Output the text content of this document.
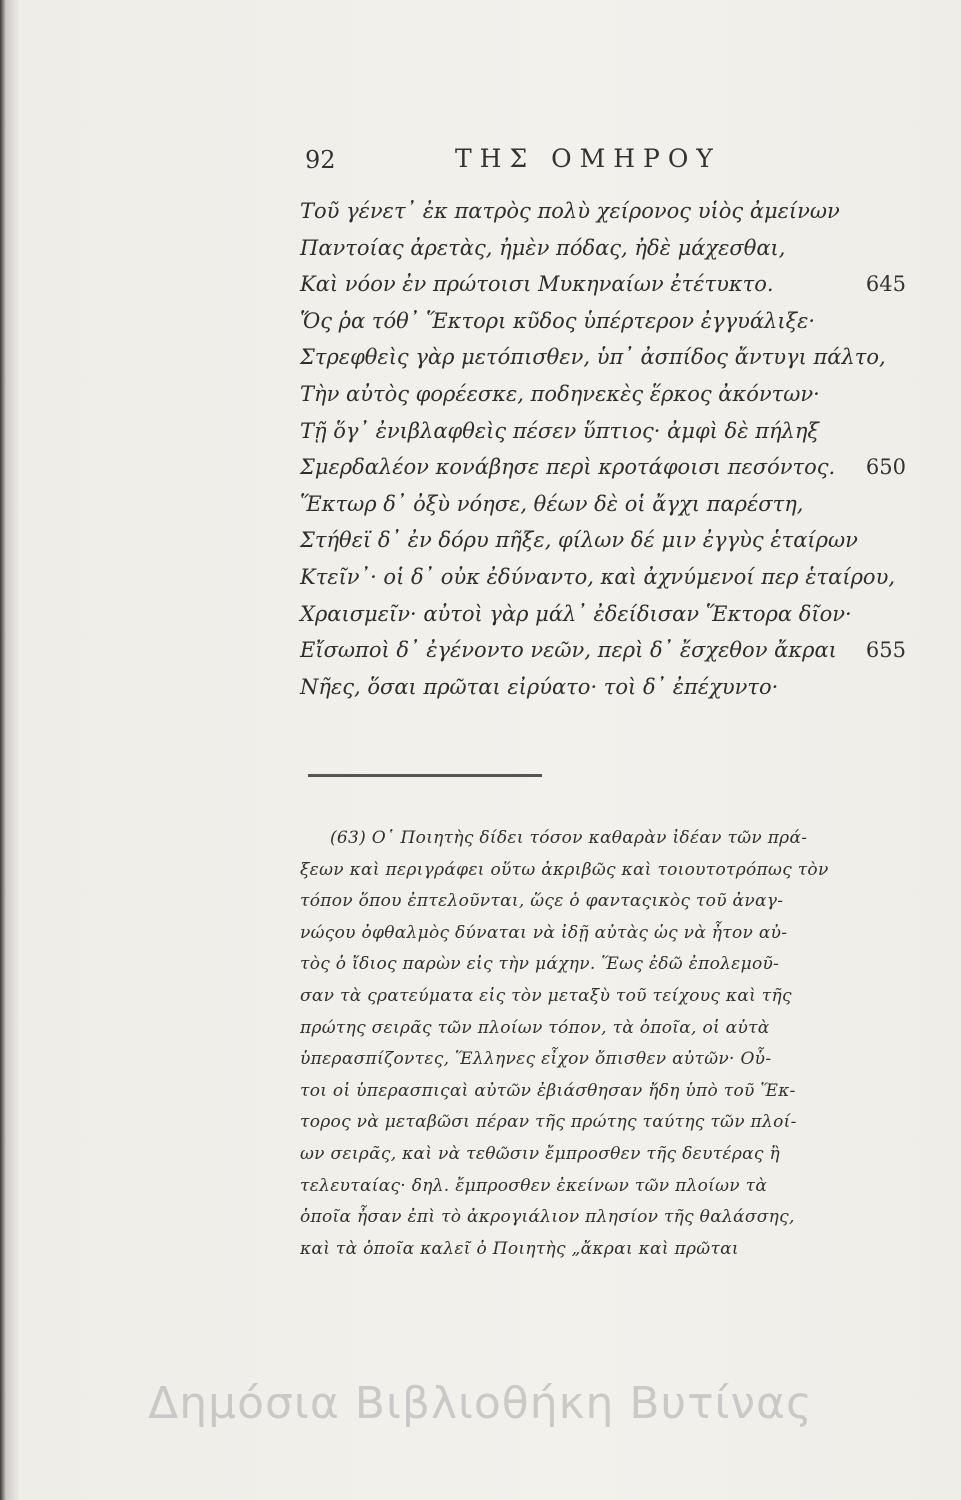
92	ΤΗΣ ΟΜΗΡΟΥ
Τοῦ γένετ᾽ ἐκ πατρὸς πολὺ χείρονος υἱὸς ἀμείνων
Παντοίας ἀρετὰς, ἠμὲν πόδας, ἠδὲ μάχεσθαι,
Καὶ νόον ἐν πρώτοισι Μυκηναίων ἐτέτυκτο.	645
Ὅς ῥα τόθ᾽ Ἕκτορι κῦδος ὑπέρτερον ἐγγυάλιξε·
Στρεφθεὶς γὰρ μετόπισθεν, ὑπ᾽ ἀσπίδος ἄντυγι πάλτο,
Τὴν αὐτὸς φορέεσκε, ποδηνεκὲς ἕρκος ἀκόντων·
Τῇ ὅγ᾽ ἐνιβλαφθεὶς πέσεν ὕπτιος· ἀμφὶ δὲ πήληξ
Σμερδαλέον κονάβησε περὶ κροτάφοισι πεσόντος. 650
Ἕκτωρ δ᾽ ὀξὺ νόησε, θέων δὲ οἱ ἄγχι παρέστη,
Στήθεϊ δ᾽ ἐν δόρυ πῆξε, φίλων δέ μιν ἐγγὺς ἑταίρων
Κτεῖν᾽· οἱ δ᾽ οὐκ ἐδύναντο, καὶ ἀχνύμενοί περ ἑταίρου,
Χραισμεῖν· αὐτοὶ γὰρ μάλ᾽ ἐδείδισαν Ἕκτορα δῖον·
Εἴσωποὶ δ᾽ ἐγένοντο νεῶν, περὶ δ᾽ ἔσχεθον ἄκραι 655
Νῆες, ὅσαι πρῶται εἰρύατο· τοὶ δ᾽ ἐπέχυντο·
(63) Ο῾ Ποιητὴς δίδει τόσον καθαρὰν ἰδέαν τῶν πρά-
ξεων καὶ περιγράφει οὕτω ἀκριβῶς καὶ τοιουτοτρόπως τὸν
τόπον ὅπου ἐπτελοῦνται, ὥςε ὁ φανταςικὸς τοῦ ἀναγ-
νώςου ὀφθαλμὸς δύναται νὰ ἰδῇ αὐτὰς ὡς νὰ ἦτον αὐ-
τὸς ὁ ἴδιος παρὼν εἰς τὴν μάχην. Ἕως ἐδῶ ἐπολεμοῦ-
σαν τὰ ςρατεύματα εἰς τὸν μεταξὺ τοῦ τείχους καὶ τῆς
πρώτης σειρᾶς τῶν πλοίων τόπον, τὰ ὁποῖα, οἱ αὐτὰ
ὑπερασπίζοντες, Ἕλληνες εἶχον ὄπισθεν αὐτῶν· Οὗ-
τοι οἱ ὑπερασπιςαὶ αὐτῶν ἐβιάσθησαν ἤδη ὑπὸ τοῦ Ἕκ-
τορος νὰ μεταβῶσι πέραν τῆς πρώτης ταύτης τῶν πλοί-
ων σειρᾶς, καὶ νὰ τεθῶσιν ἔμπροσθεν τῆς δευτέρας ἢ
τελευταίας· δηλ. ἔμπροσθεν ἐκείνων τῶν πλοίων τὰ
ὁποῖα ἦσαν ἐπὶ τὸ ἀκρογιάλιον πλησίον τῆς θαλάσσης,
καὶ τὰ ὁποῖα καλεῖ ὁ Ποιητὴς „ἄκραι καὶ πρῶται
Δημόσια Βιβλιοθήκη Βυτίνας
